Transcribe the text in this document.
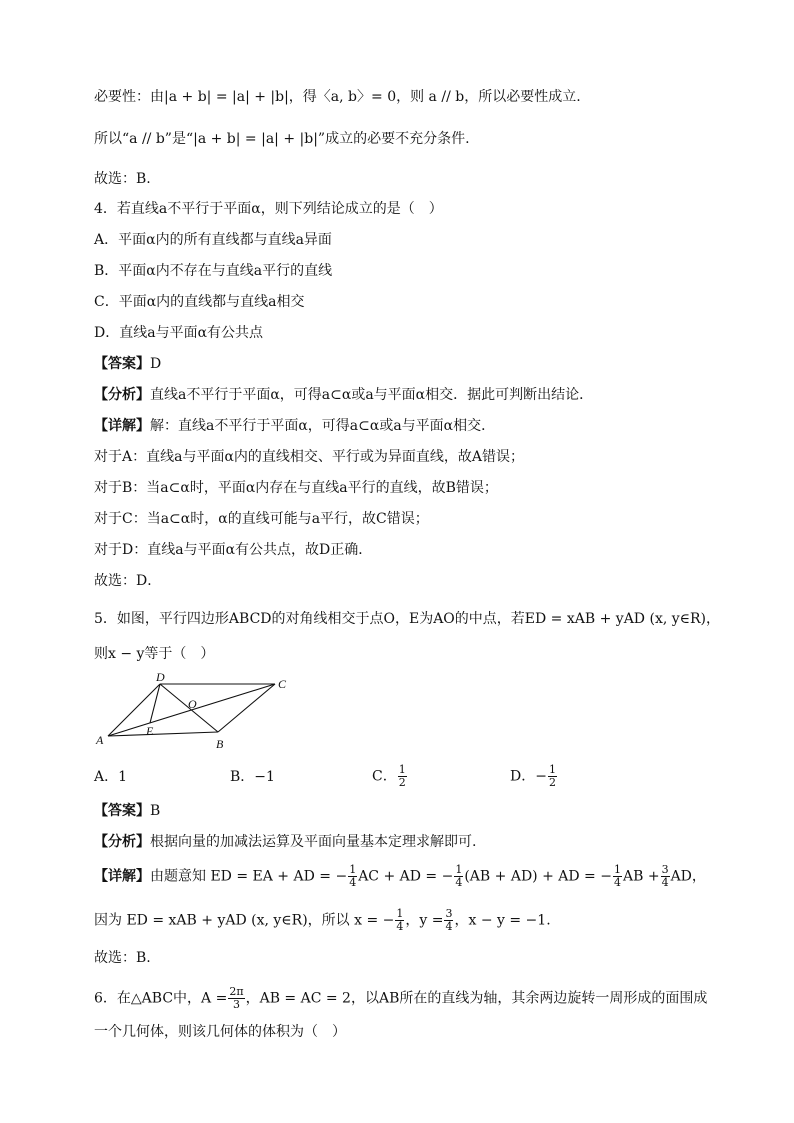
必要性：由|a + b| = |a| + |b|，得〈a, b〉= 0，则 a // b，所以必要性成立.
所以“a // b”是“|a + b| = |a| + |b|”成立的必要不充分条件.
故选：B.
4．若直线a不平行于平面α，则下列结论成立的是（　）
A．平面α内的所有直线都与直线a异面
B．平面α内不存在与直线a平行的直线
C．平面α内的直线都与直线a相交
D．直线a与平面α有公共点
【答案】D
【分析】直线a不平行于平面α，可得a⊂α或a与平面α相交．据此可判断出结论．
【详解】解：直线a不平行于平面α，可得a⊂α或a与平面α相交．
对于A：直线a与平面α内的直线相交、平行或为异面直线，故A错误；
对于B：当a⊂α时，平面α内存在与直线a平行的直线，故B错误；
对于C：当a⊂α时，α的直线可能与a平行，故C错误；
对于D：直线a与平面α有公共点，故D正确．
故选：D．
5．如图，平行四边形ABCD的对角线相交于点O，E为AO的中点，若ED = xAB + yAD (x, y∈R)，
则x − y等于（　）
A	B
C
D
O
E
A．1	B．−1	C． $\frac{1}{2}$	D．− $\frac{1}{2}$
【答案】B
【分析】根据向量的加减法运算及平面向量基本定理求解即可.
【详解】由题意知 ED = EA + AD = − $\frac{1}{4}$ AC + AD = − $\frac{1}{4} (AB + AD)$ + AD = − $\frac{1}{4}$ AB + $\frac{3}{4}$ AD，
因为 ED = xAB + yAD (x, y∈R)，所以 x = − $\frac{1}{4}$ ，$y = \frac{3}{4}$ ，x − y = −1.
故选：B.
6．在△ABC中，$A = \frac{2\pi}{3}$ ，AB = AC = 2，以AB所在的直线为轴，其余两边旋转一周形成的面围成
一个几何体，则该几何体的体积为（　）
